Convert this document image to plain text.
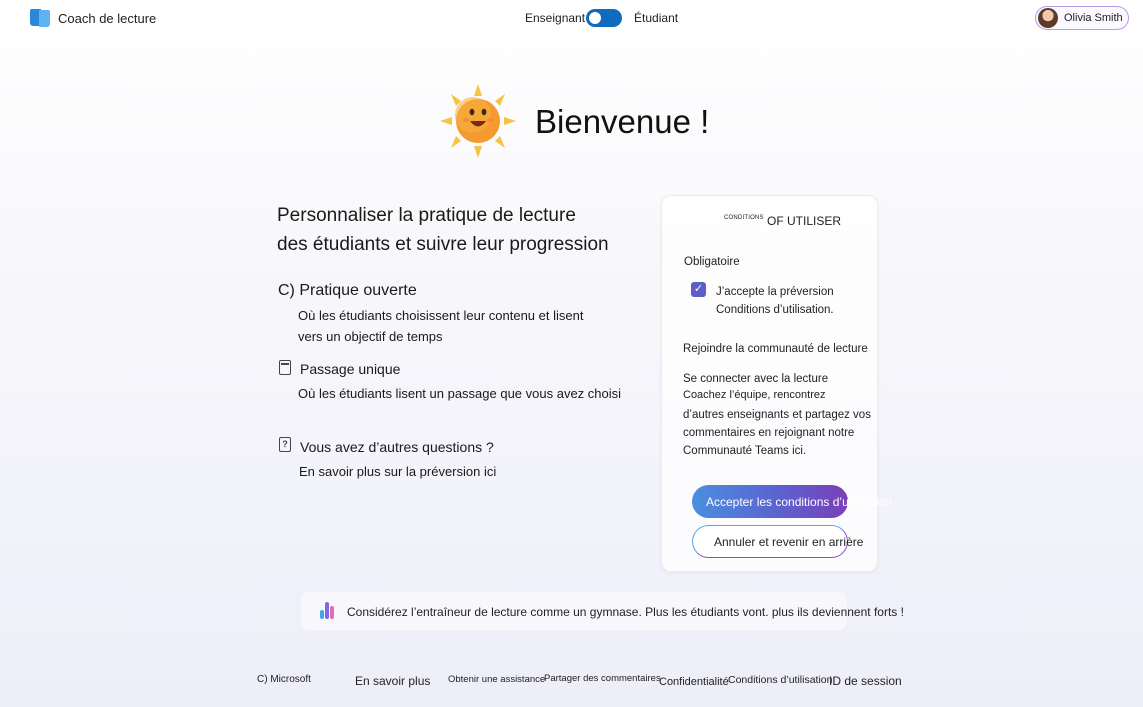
Coach de lecture	Enseignant	Étudiant	Olivia Smith
Bienvenue !
Personnaliser la pratique de lecture
des étudiants et suivre leur progression
C) Pratique ouverte
Où les étudiants choisissent leur contenu et lisent
vers un objectif de temps
Passage unique
Où les étudiants lisent un passage que vous avez choisi
? Vous avez d’autres questions ?
En savoir plus sur la préversion ici
$^{CONDITIONS}$ OF UTILISER
Obligatoire
✓ J’accepte la préversion
Conditions d’utilisation.
Rejoindre la communauté de lecture
Se connecter avec la lecture
Coachez l’équipe, rencontrez
d’autres enseignants et partagez vos
commentaires en rejoignant notre
Communauté Teams ici.
Accepter les conditions d’utilisation
Annuler et revenir en arrière
Considérez l’entraîneur de lecture comme un gymnase. Plus les étudiants vont. plus ils deviennent forts !
C) Microsoft	En savoir plus Obtenir une assistance
Partager des commentaires
Confidentialité Conditions d’utilisation
ID de session
